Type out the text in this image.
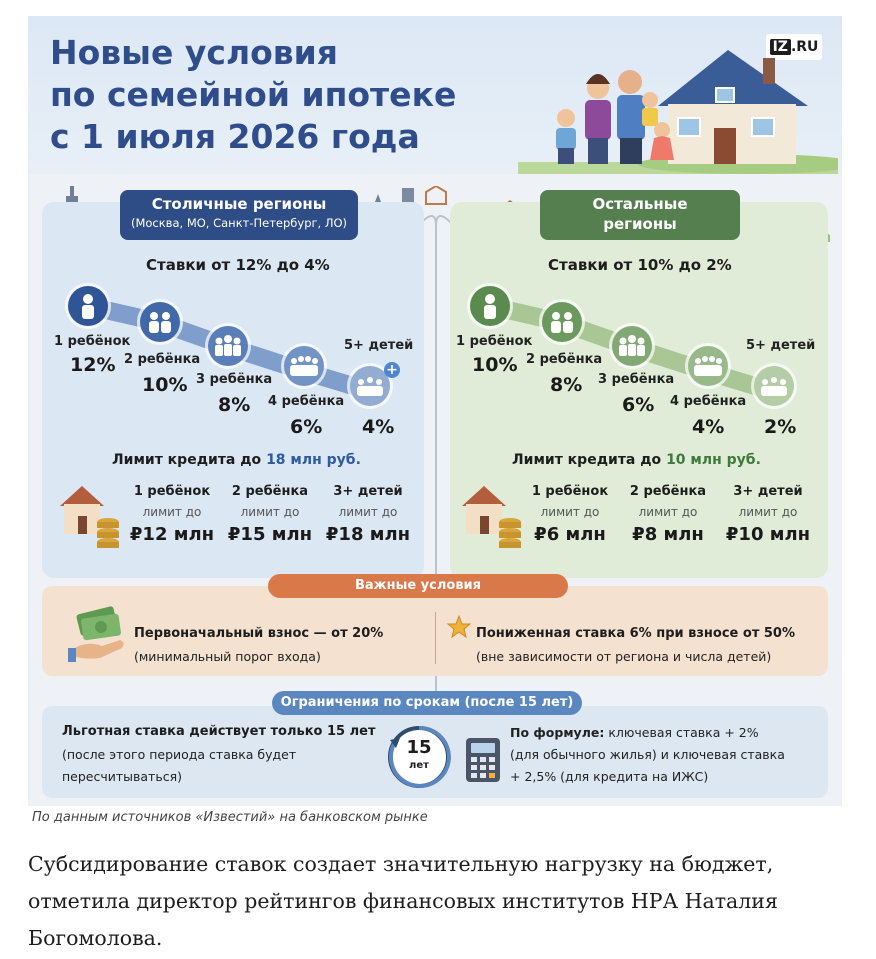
Новые условия
по семейной ипотеке
с 1 июля 2026 года
IZ .RU
Столичные регионы
(Москва, МО, Санкт-Петербург, ЛО)
Ставки от 12% до 4%
+
1 ребёнок
12% 2 ребёнка
10% 3 ребёнка
8% 4 ребёнка
6%
5+ детей
4%
Лимит кредита до 18 млн руб.
1 ребёнок
лимит до
₽12 млн
2 ребёнка
лимит до
₽15 млн
3+ детей
лимит до
₽18 млн
Остальные
регионы
Ставки от 10% до 2%
1 ребёнок
10% 2 ребёнка
8% 3 ребёнка
6% 4 ребёнка
4%
5+ детей
2%
Лимит кредита до 10 млн руб.
1 ребёнок
лимит до
₽6 млн
2 ребёнка
лимит до
₽8 млн
3+ детей
лимит до
₽10 млн
Важные условия
Первоначальный взнос — от 20%
(минимальный порог входа)
Пониженная ставка 6% при взносе от 50%
(вне зависимости от региона и числа детей)
Ограничения по срокам (после 15 лет)
Льготная ставка действует только 15 лет
(после этого периода ставка будет
пересчитываться)
15
лет
По формуле: ключевая ставка + 2%
(для обычного жилья) и ключевая ставка
+ 2,5% (для кредита на ИЖС)
По данным источников «Известий» на банковском рынке
Субсидирование ставок создает значительную нагрузку на бюджет, отметила директор рейтингов финансовых институтов НРА Наталия Богомолова.
